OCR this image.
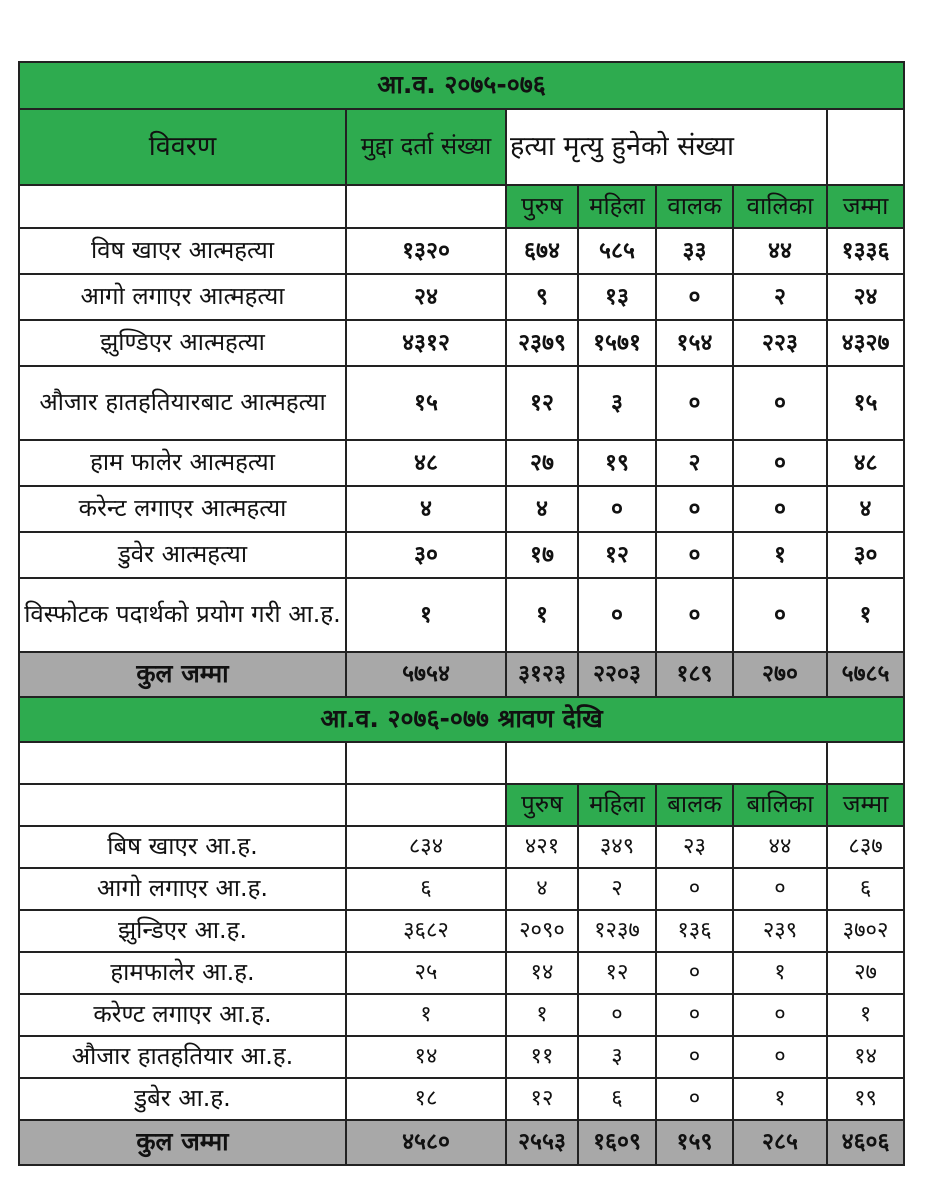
आ.व. २०७५-०७६						
विवरण	मुद्दा दर्ता संख्या	हत्या मृत्यु हुनेको संख्या				
		पुरुष	महिला	वालक	वालिका	जम्मा
विष खाएर आत्महत्या	१३२०	६७४	५८५	३३	४४	१३३६
आगो लगाएर आत्महत्या	२४	९	१३	०	२	२४
झुण्डिएर आत्महत्या	४३१२	२३७९	१५७१	१५४	२२३	४३२७
औजार हातहतियारबाट आत्महत्या	१५	१२	३	०	०	१५
हाम फालेर आत्महत्या	४८	२७	१९	२	०	४८
करेन्ट लगाएर आत्महत्या	४	४	०	०	०	४
डुवेर आत्महत्या	३०	१७	१२	०	१	३०
विस्फोटक पदार्थको प्रयोग गरी आ.ह.	१	१	०	०	०	१
कुल जम्मा	५७५४	३१२३	२२०३	१८९	२७०	५७८५
आ.व. २०७६-०७७ श्रावण देखि						

		पुरुष	महिला	बालक	बालिका	जम्मा
बिष खाएर आ.ह.	८३४	४२१	३४९	२३	४४	८३७
आगो लगाएर आ.ह.	६	४	२	०	०	६
झुन्डिएर आ.ह.	३६८२	२०९०	१२३७	१३६	२३९	३७०२
हामफालेर आ.ह.	२५	१४	१२	०	१	२७
करेण्ट लगाएर आ.ह.	१	१	०	०	०	१
औजार हातहतियार आ.ह.	१४	११	३	०	०	१४
डुबेर आ.ह.	१८	१२	६	०	१	१९
कुल जम्मा	४५८०	२५५३	१६०९	१५९	२८५	४६०६
